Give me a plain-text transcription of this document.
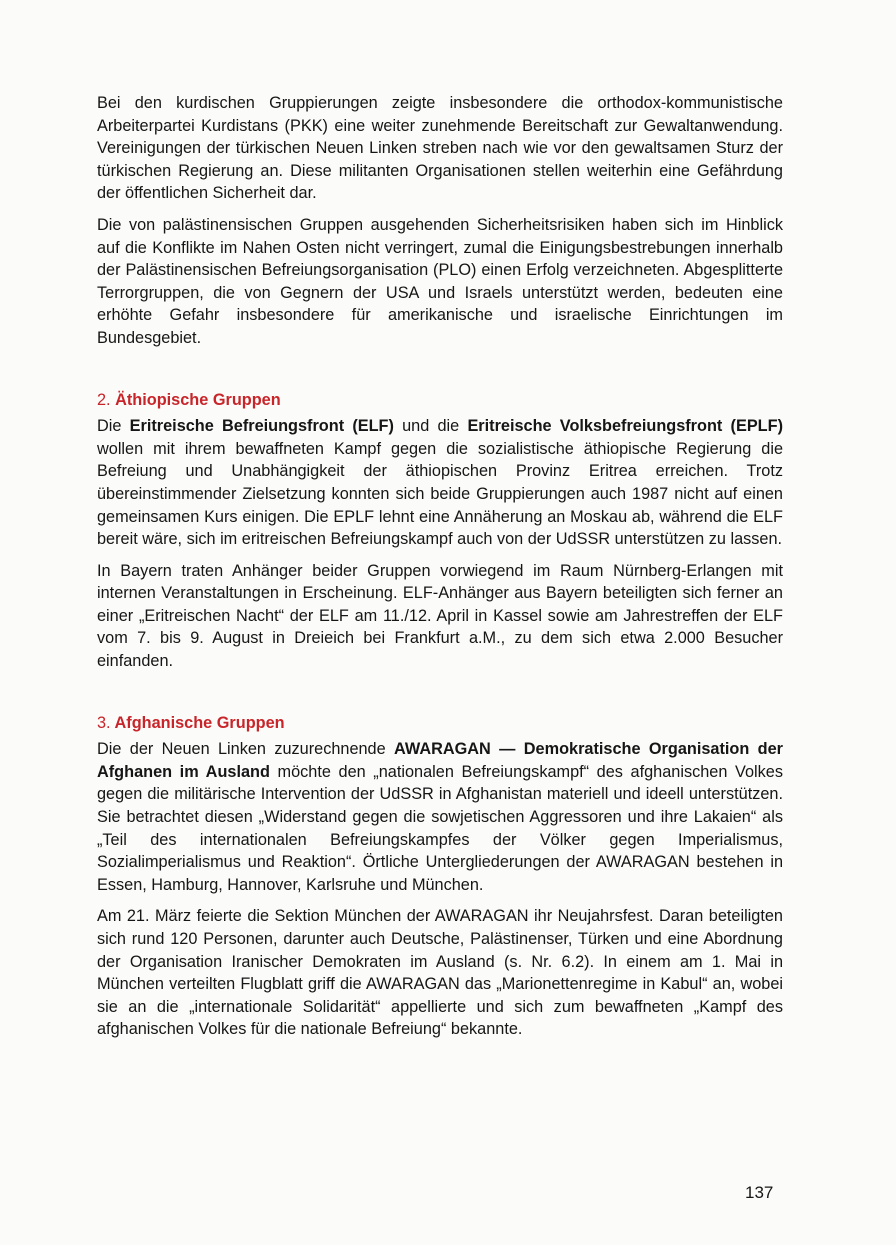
Bei den kurdischen Gruppierungen zeigte insbesondere die orthodox-kommunistische Arbeiterpartei Kurdistans (PKK) eine weiter zunehmende Bereitschaft zur Gewaltanwendung. Vereinigungen der türkischen Neuen Linken streben nach wie vor den gewaltsamen Sturz der türkischen Regierung an. Diese militanten Organisationen stellen weiterhin eine Gefährdung der öffentlichen Sicherheit dar.

Die von palästinensischen Gruppen ausgehenden Sicherheitsrisiken haben sich im Hinblick auf die Konflikte im Nahen Osten nicht verringert, zumal die Einigungsbestrebungen innerhalb der Palästinensischen Befreiungsorganisation (PLO) einen Erfolg verzeichneten. Abgesplitterte Terrorgruppen, die von Gegnern der USA und Israels unterstützt werden, bedeuten eine erhöhte Gefahr insbesondere für amerikanische und israelische Einrichtungen im Bundesgebiet.

2. Äthiopische Gruppen

Die Eritreische Befreiungsfront (ELF) und die Eritreische Volksbefreiungsfront (EPLF) wollen mit ihrem bewaffneten Kampf gegen die sozialistische äthiopische Regierung die Befreiung und Unabhängigkeit der äthiopischen Provinz Eritrea erreichen. Trotz übereinstimmender Zielsetzung konnten sich beide Gruppierungen auch 1987 nicht auf einen gemeinsamen Kurs einigen. Die EPLF lehnt eine Annäherung an Moskau ab, während die ELF bereit wäre, sich im eritreischen Befreiungskampf auch von der UdSSR unterstützen zu lassen.

In Bayern traten Anhänger beider Gruppen vorwiegend im Raum Nürnberg-Erlangen mit internen Veranstaltungen in Erscheinung. ELF-Anhänger aus Bayern beteiligten sich ferner an einer „Eritreischen Nacht“ der ELF am 11./12. April in Kassel sowie am Jahrestreffen der ELF vom 7. bis 9. August in Dreieich bei Frankfurt a.M., zu dem sich etwa 2.000 Besucher einfanden.

3. Afghanische Gruppen

Die der Neuen Linken zuzurechnende AWARAGAN — Demokratische Organisation der Afghanen im Ausland möchte den „nationalen Befreiungskampf“ des afghanischen Volkes gegen die militärische Intervention der UdSSR in Afghanistan materiell und ideell unterstützen. Sie betrachtet diesen „Widerstand gegen die sowjetischen Aggressoren und ihre Lakaien“ als „Teil des internationalen Befreiungskampfes der Völker gegen Imperialismus, Sozialimperialismus und Reaktion“. Örtliche Untergliederungen der AWARAGAN bestehen in Essen, Hamburg, Hannover, Karlsruhe und München.

Am 21. März feierte die Sektion München der AWARAGAN ihr Neujahrsfest. Daran beteiligten sich rund 120 Personen, darunter auch Deutsche, Palästinenser, Türken und eine Abordnung der Organisation Iranischer Demokraten im Ausland (s. Nr. 6.2). In einem am 1. Mai in München verteilten Flugblatt griff die AWARAGAN das „Marionettenregime in Kabul“ an, wobei sie an die „internationale Solidarität“ appellierte und sich zum bewaffneten „Kampf des afghanischen Volkes für die nationale Befreiung“ bekannte.

137
